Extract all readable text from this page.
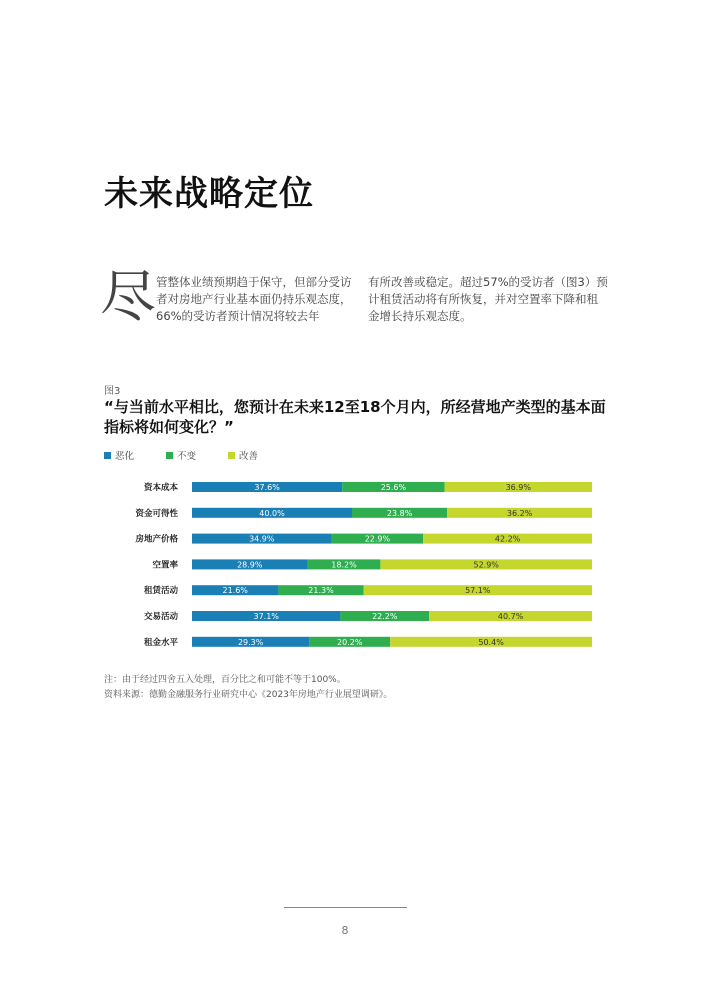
未来战略定位
尽 管整体业绩预期趋于保守，但部分受访者对房地产行业基本面仍持乐观态度，66%的受访者预计情况将较去年

有所改善或稳定。超过57%的受访者（图3）预计租赁活动将有所恢复，并对空置率下降和租金增长持乐观态度。

图3
“与当前水平相比，您预计在未来12至18个月内，所经营地产类型的基本面指标将如何变化？”
恶化	不变	改善
资本成本	37.6%	25.6%	36.9%
资金可得性	40.0%	23.8%	36.2%
房地产价格	34.9%	22.9%	42.2%
空置率	28.9%	18.2%	52.9%
租赁活动	21.6%	21.3%	57.1%
交易活动	37.1%	22.2%	40.7%
租金水平	29.3%	20.2%	50.4%
注：由于经过四舍五入处理，百分比之和可能不等于100%。
资料来源：德勤金融服务行业研究中心《2023年房地产行业展望调研》。
8
